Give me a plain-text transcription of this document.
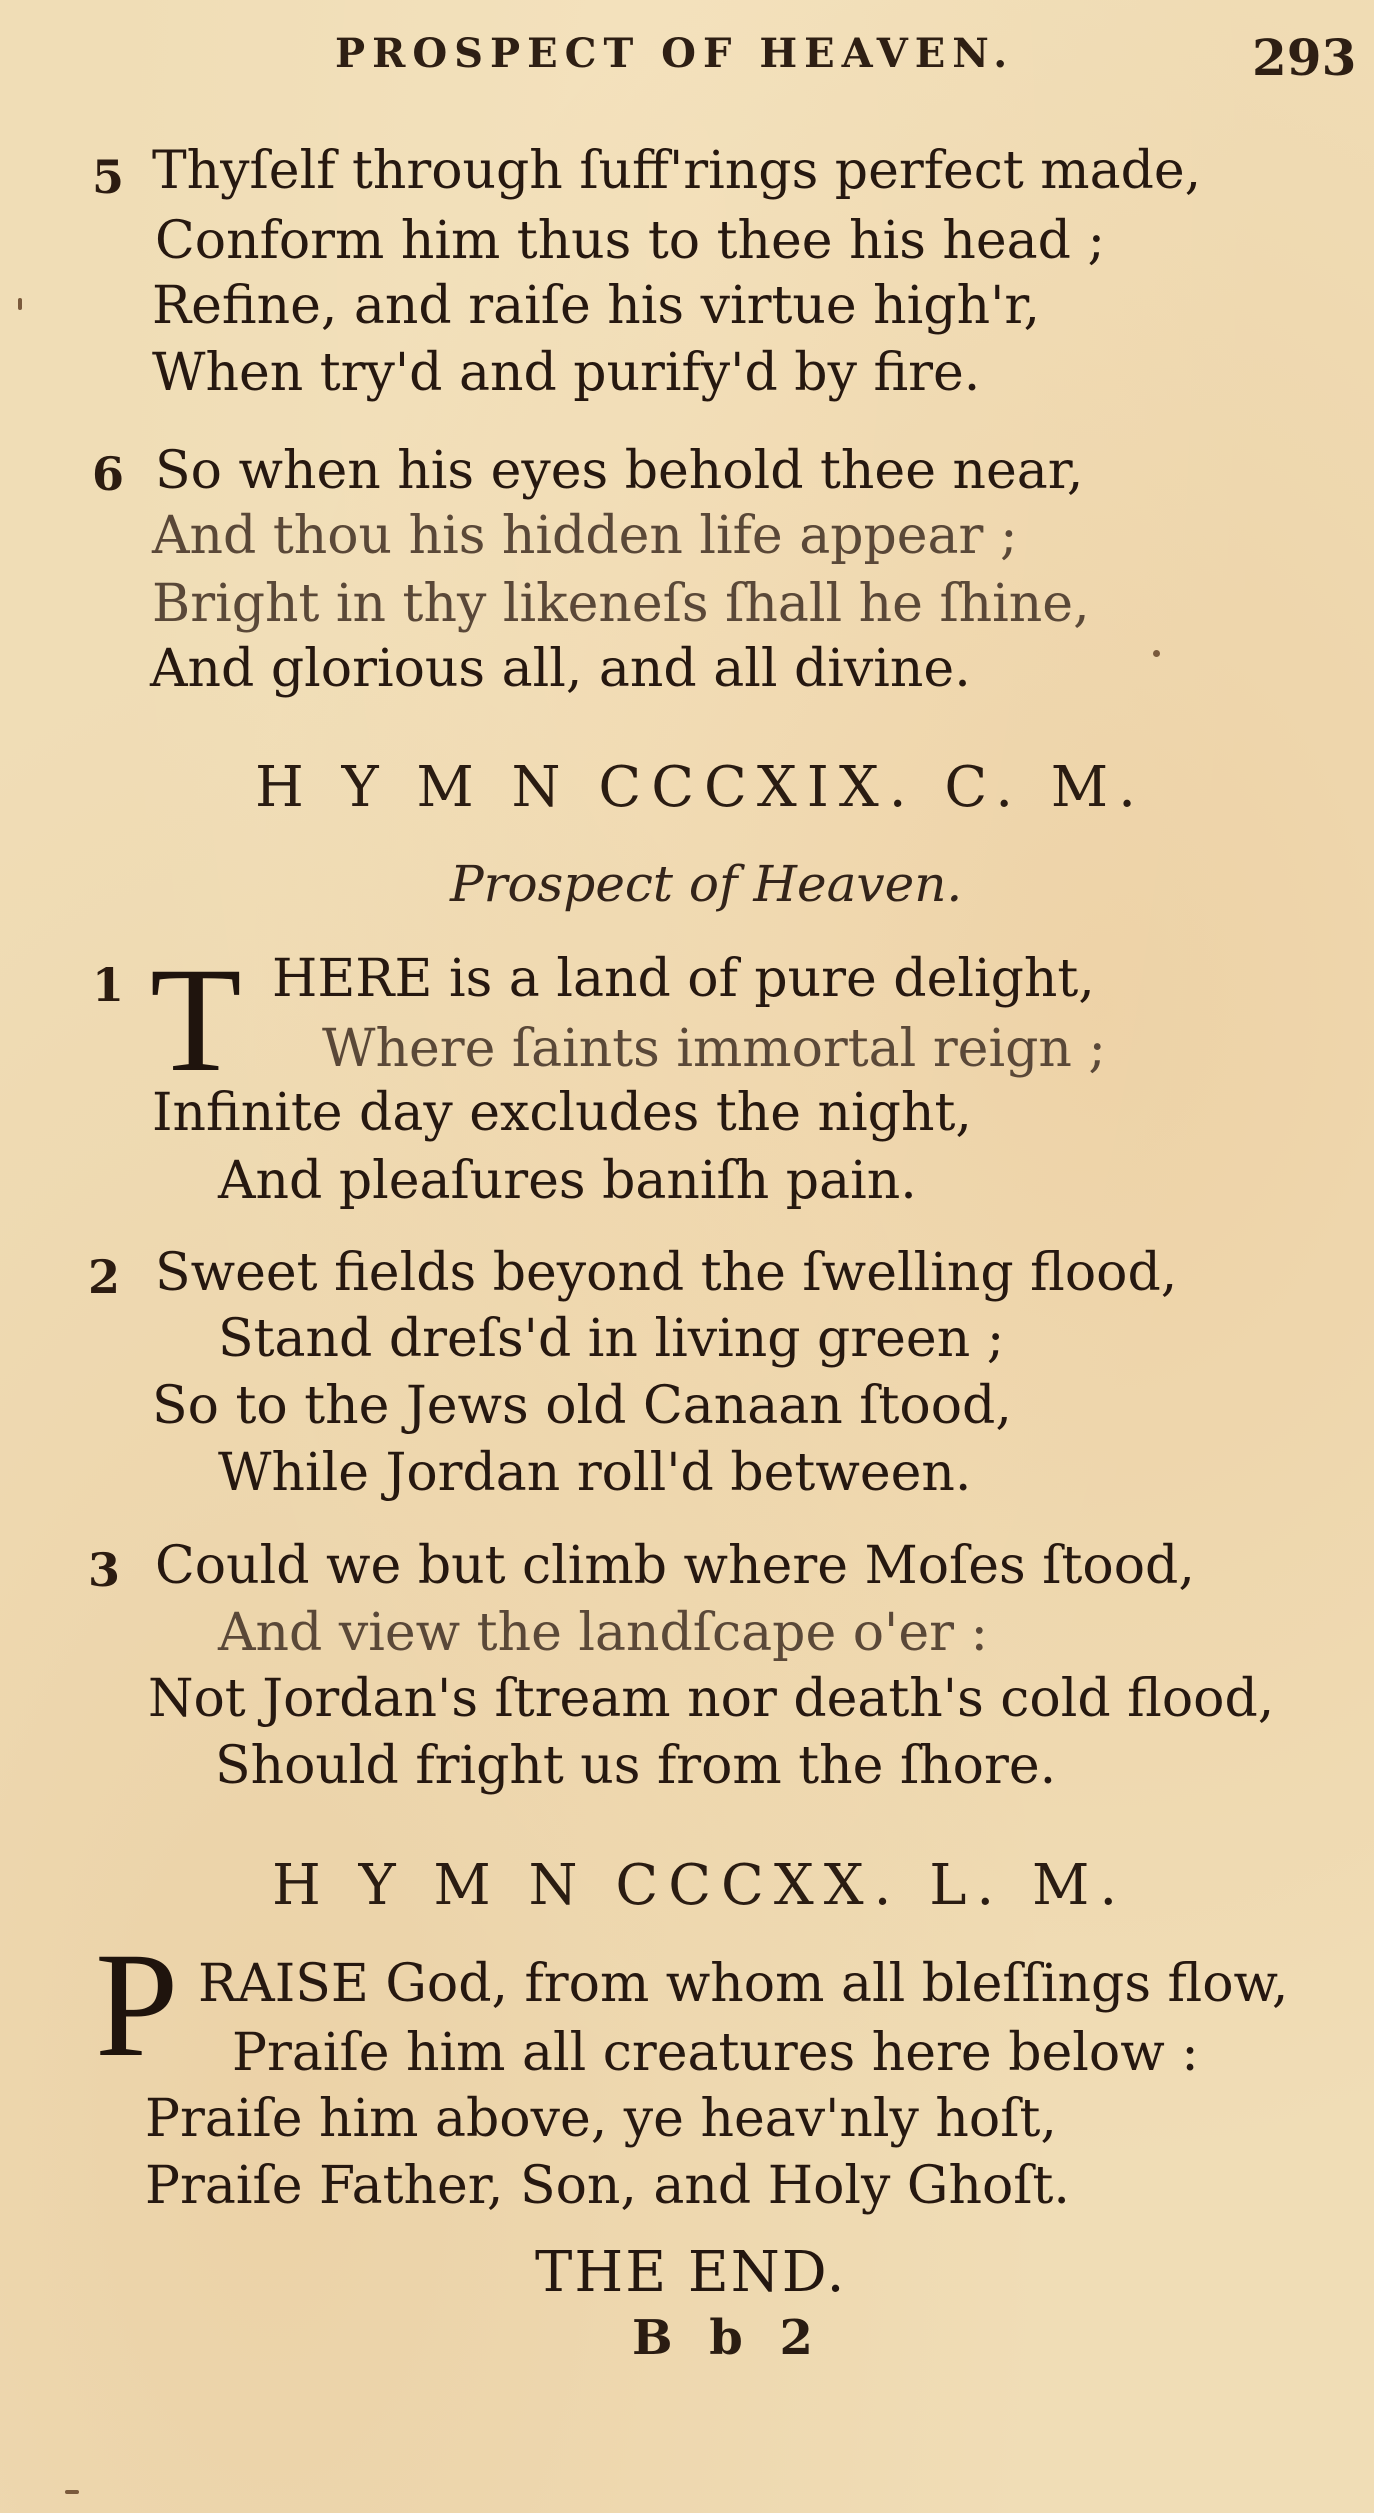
PROSPECT OF HEAVEN.	293
5 Thyſelf through ſuff'rings perfect made,
Conform him thus to thee his head ;
Refine, and raiſe his virtue high'r,
When try'd and purify'd by fire.
6 So when his eyes behold thee near,
And thou his hidden life appear ;
Bright in thy likeneſs ſhall he ſhine,
And glorious all, and all divine.
H Y M N CCCXIX. C. M.
Prospect of Heaven.
1 T HERE is a land of pure delight,
Where ſaints immortal reign ;
Infinite day excludes the night,
And pleaſures baniſh pain.
2 Sweet fields beyond the ſwelling flood,
Stand dreſs'd in living green ;
So to the Jews old Canaan ſtood,
While Jordan roll'd between.
3 Could we but climb where Moſes ſtood,
And view the landſcape o'er :
Not Jordan's ſtream nor death's cold flood,
Should fright us from the ſhore.
H Y M N CCCXX. L. M.
P RAISE God, from whom all bleſſings flow,
Praiſe him all creatures here below :
Praiſe him above, ye heav'nly hoſt,
Praiſe Father, Son, and Holy Ghoſt.
THE END.
B b 2
